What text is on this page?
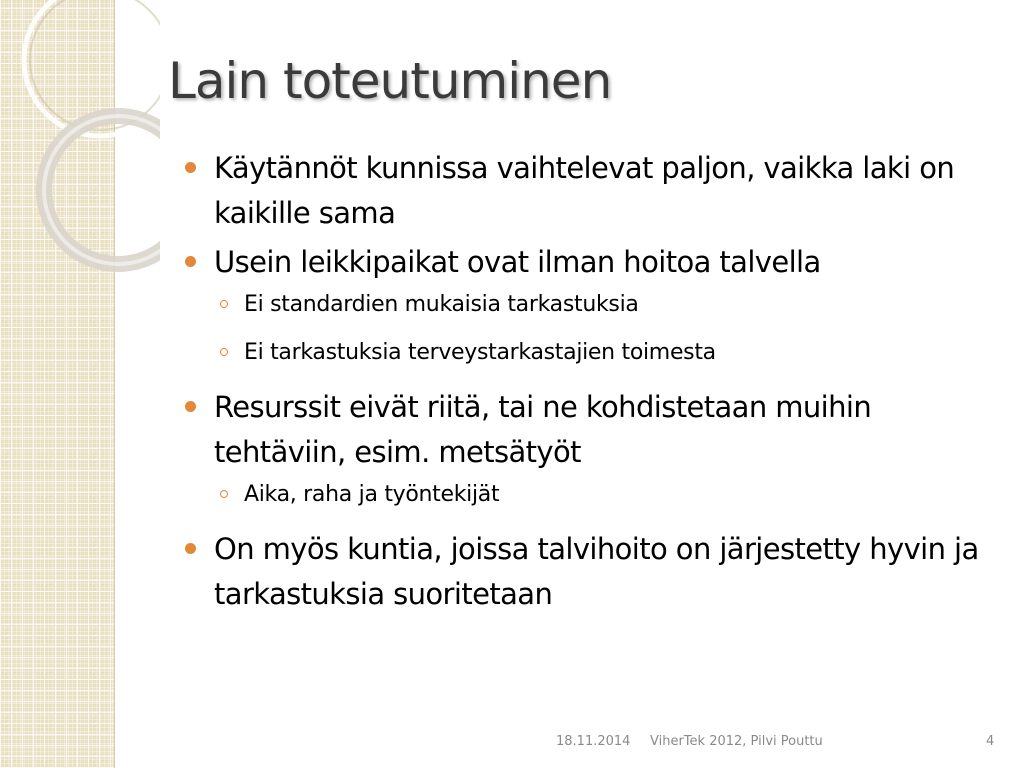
Lain toteutuminen
Käytännöt kunnissa vaihtelevat paljon, vaikka laki on kaikille sama
Usein leikkipaikat ovat ilman hoitoa talvella
Ei standardien mukaisia tarkastuksia
Ei tarkastuksia terveystarkastajien toimesta
Resurssit eivät riitä, tai ne kohdistetaan muihin tehtäviin, esim. metsätyöt
Aika, raha ja työntekijät
On myös kuntia, joissa talvihoito on järjestetty hyvin ja tarkastuksia suoritetaan
18.11.2014 ViherTek 2012, Pilvi Pouttu	4
